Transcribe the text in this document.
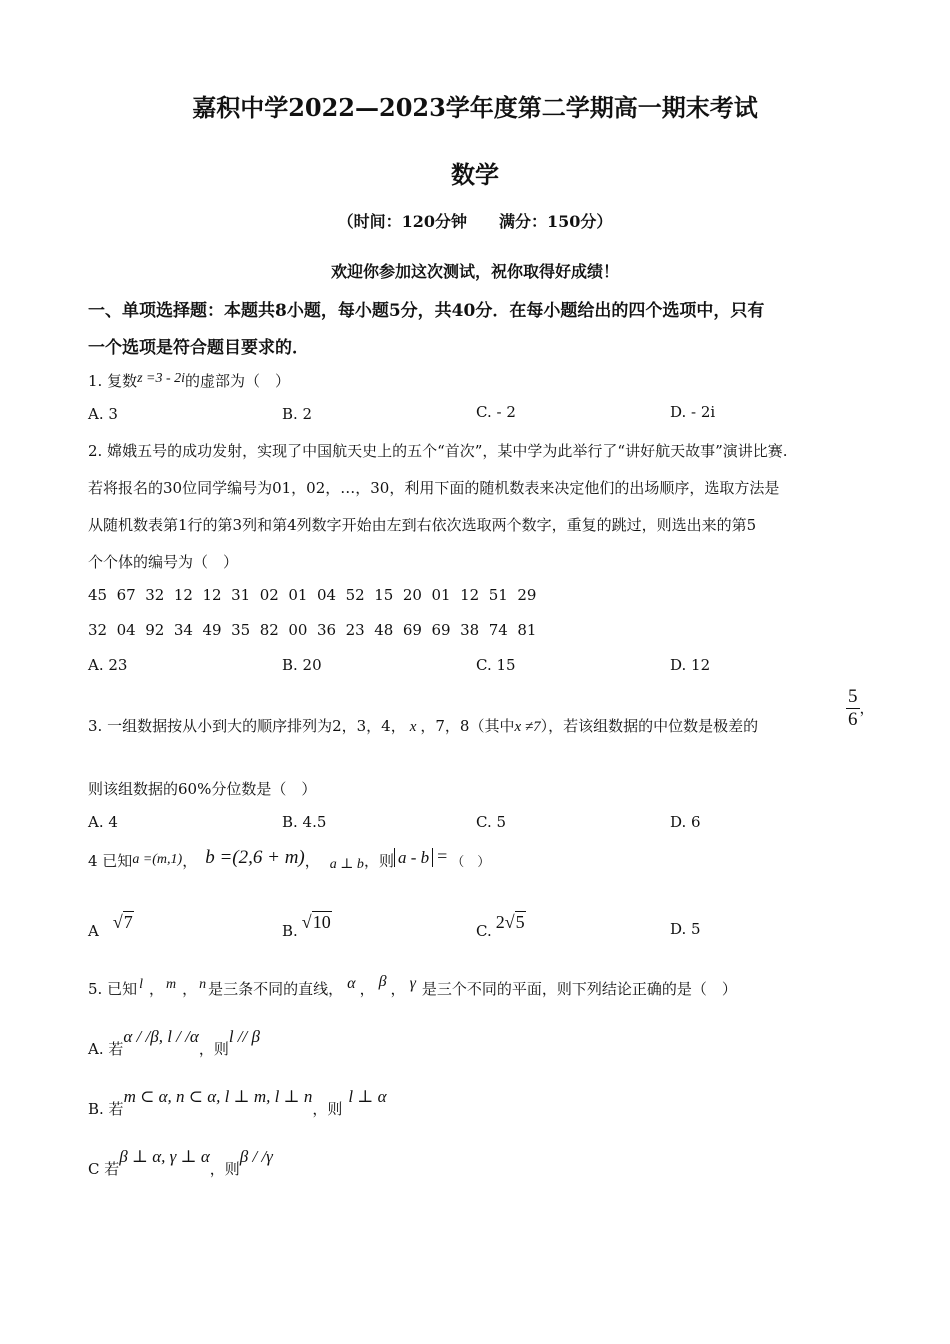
嘉积中学2022—2023学年度第二学期高一期末考试
数学
（时间：120分钟　　满分：150分）
欢迎你参加这次测试，祝你取得好成绩！
一、单项选择题：本题共8小题，每小题5分，共40分．在每小题给出的四个选项中，只有
一个选项是符合题目要求的．
1. 复数z =3 - 2i的虚部为（　）
A. 3	B. 2	C. - 2	D. - 2i
2. 嫦娥五号的成功发射，实现了中国航天史上的五个“首次”，某中学为此举行了“讲好航天故事”演讲比赛.
若将报名的30位同学编号为01，02，…，30，利用下面的随机数表来决定他们的出场顺序，选取方法是
从随机数表第1行的第3列和第4列数字开始由左到右依次选取两个数字，重复的跳过，则选出来的第5
个个体的编号为（　）
45  67  32  12  12  31  02  01  04  52  15  20  01  12  51  29
32  04  92  34  49  35  82  00  36  23  48  69  69  38  74  81
A. 23	B. 20	C. 15	D. 12
3. 一组数据按从小到大的顺序排列为2，3，4， x ，7，8（其中x ≠7），若该组数据的中位数是极差的	$\frac{5}{6}$ ，
则该组数据的60%分位数是（　）
A. 4	B. 4.5	C. 5	D. 6
4 已知a =(m,1)， b =(2,6 + m)， a ⊥ b，则 a - b = （　）
A √7	B. √10	C. 2√5	D. 5
5. 已知 l ， m ， n 是三条不同的直线， α ， β ， γ 是三个不同的平面，则下列结论正确的是（　）
A. 若α / /β, l / /α，则l // β
B. 若m ⊂ α, n ⊂ α, l ⊥ m, l ⊥ n，则l ⊥ α
C 若β ⊥ α, γ ⊥ α，则β / /γ
